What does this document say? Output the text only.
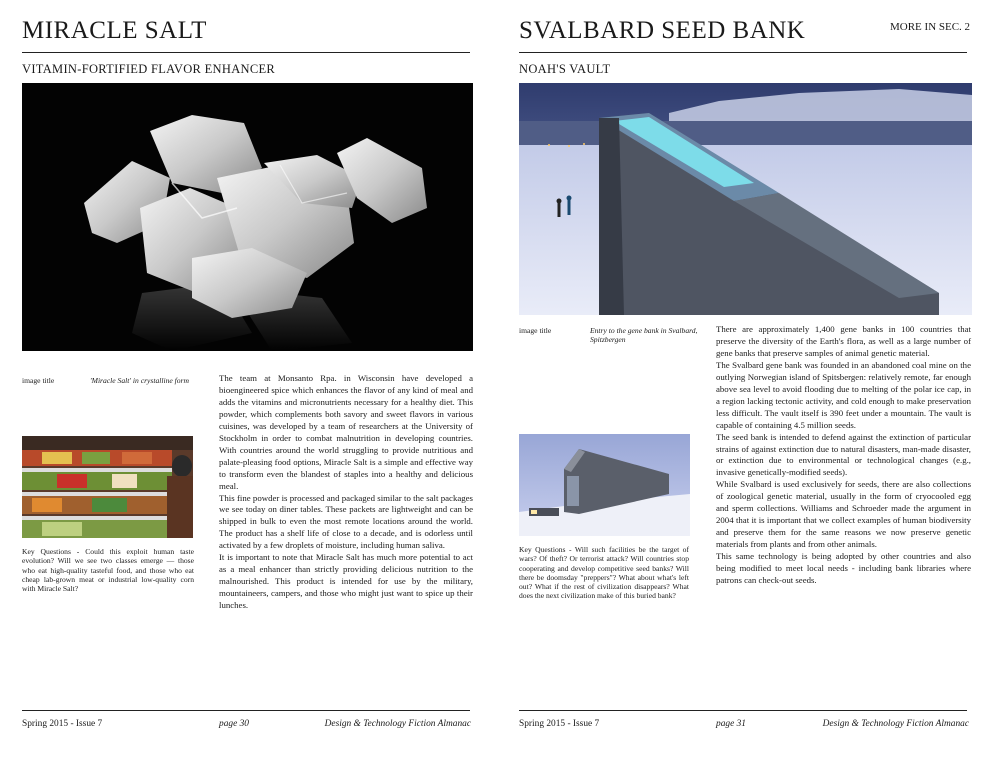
MIRACLE SALT
VITAMIN-FORTIFIED FLAVOR ENHANCER
image title	'Miracle Salt' in crystalline form
Key Questions - Could this exploit human taste evolution? Will we see two classes emerge — those who eat high-quality tasteful food, and those who eat cheap lab-grown meat or industrial low-quality corn with Miracle Salt?

The team at Monsanto Rpa. in Wisconsin have developed a bioengineered spice which enhances the flavor of any kind of meal and adds the vitamins and micronutrients necessary for a healthy diet. This powder, which complements both savory and sweet flavors in various cuisines, was developed by a team of researchers at the University of Stockholm in order to combat malnutrition in developing countries. With countries around the world struggling to provide nutritious and palate-pleasing food options, Miracle Salt is a simple and effective way to transform even the blandest of staples into a healthy and delicious meal.

This fine powder is processed and packaged similar to the salt packages we see today on diner tables. These packets are lightweight and can be shipped in bulk to even the most remote locations around the world. The product has a shelf life of close to a decade, and is odorless until activated by a few droplets of moisture, including human saliva.

It is important to note that Miracle Salt has much more potential to act as a meal enhancer than strictly providing delicious nutrition to the malnourished. This product is intended for use by the military, mountaineers, campers, and those who might just want to spice up their lunches.

Spring 2015 - Issue 7	page 30	Design & Technology Fiction Almanac
SVALBARD SEED BANK	MORE IN SEC. 2
NOAH'S VAULT
image title	Entry to the gene bank in Svalbard, Spitzbergen
Key Questions - Will such facilities be the target of wars? Of theft? Or terrorist attack? Will countries stop cooperating and develop competitive seed banks? Will there be doomsday "preppers"? What about what's left out? What if the rest of civilization disappears? What does the next civilization make of this buried bank?

There are approximately 1,400 gene banks in 100 countries that preserve the diversity of the Earth's flora, as well as a large number of gene banks that preserve samples of animal genetic material.

The Svalbard gene bank was founded in an abandoned coal mine on the outlying Norwegian island of Spitsbergen: relatively remote, far enough above sea level to avoid flooding due to melting of the polar ice cap, in a region lacking tectonic activity, and cold enough to make preservation less difficult. The vault itself is 390 feet under a mountain. The vault is capable of containing 4.5 million seeds.

The seed bank is intended to defend against the extinction of particular strains of against extinction due to natural disasters, man-made disaster, or extinction due to environmental or technological changes (e.g., invasive genetically-modified seeds).

While Svalbard is used exclusively for seeds, there are also collections of zoological genetic material, usually in the form of cryocooled egg and sperm collections. Williams and Schroeder made the argument in 2004 that it is important that we collect examples of human biodiversity and preserve them for the same reasons we now preserve genetic materials from plants and from other animals.

This same technology is being adopted by other countries and also being modified to meet local needs - including bank libraries where patrons can check-out seeds.

Spring 2015 - Issue 7	page 31	Design & Technology Fiction Almanac
